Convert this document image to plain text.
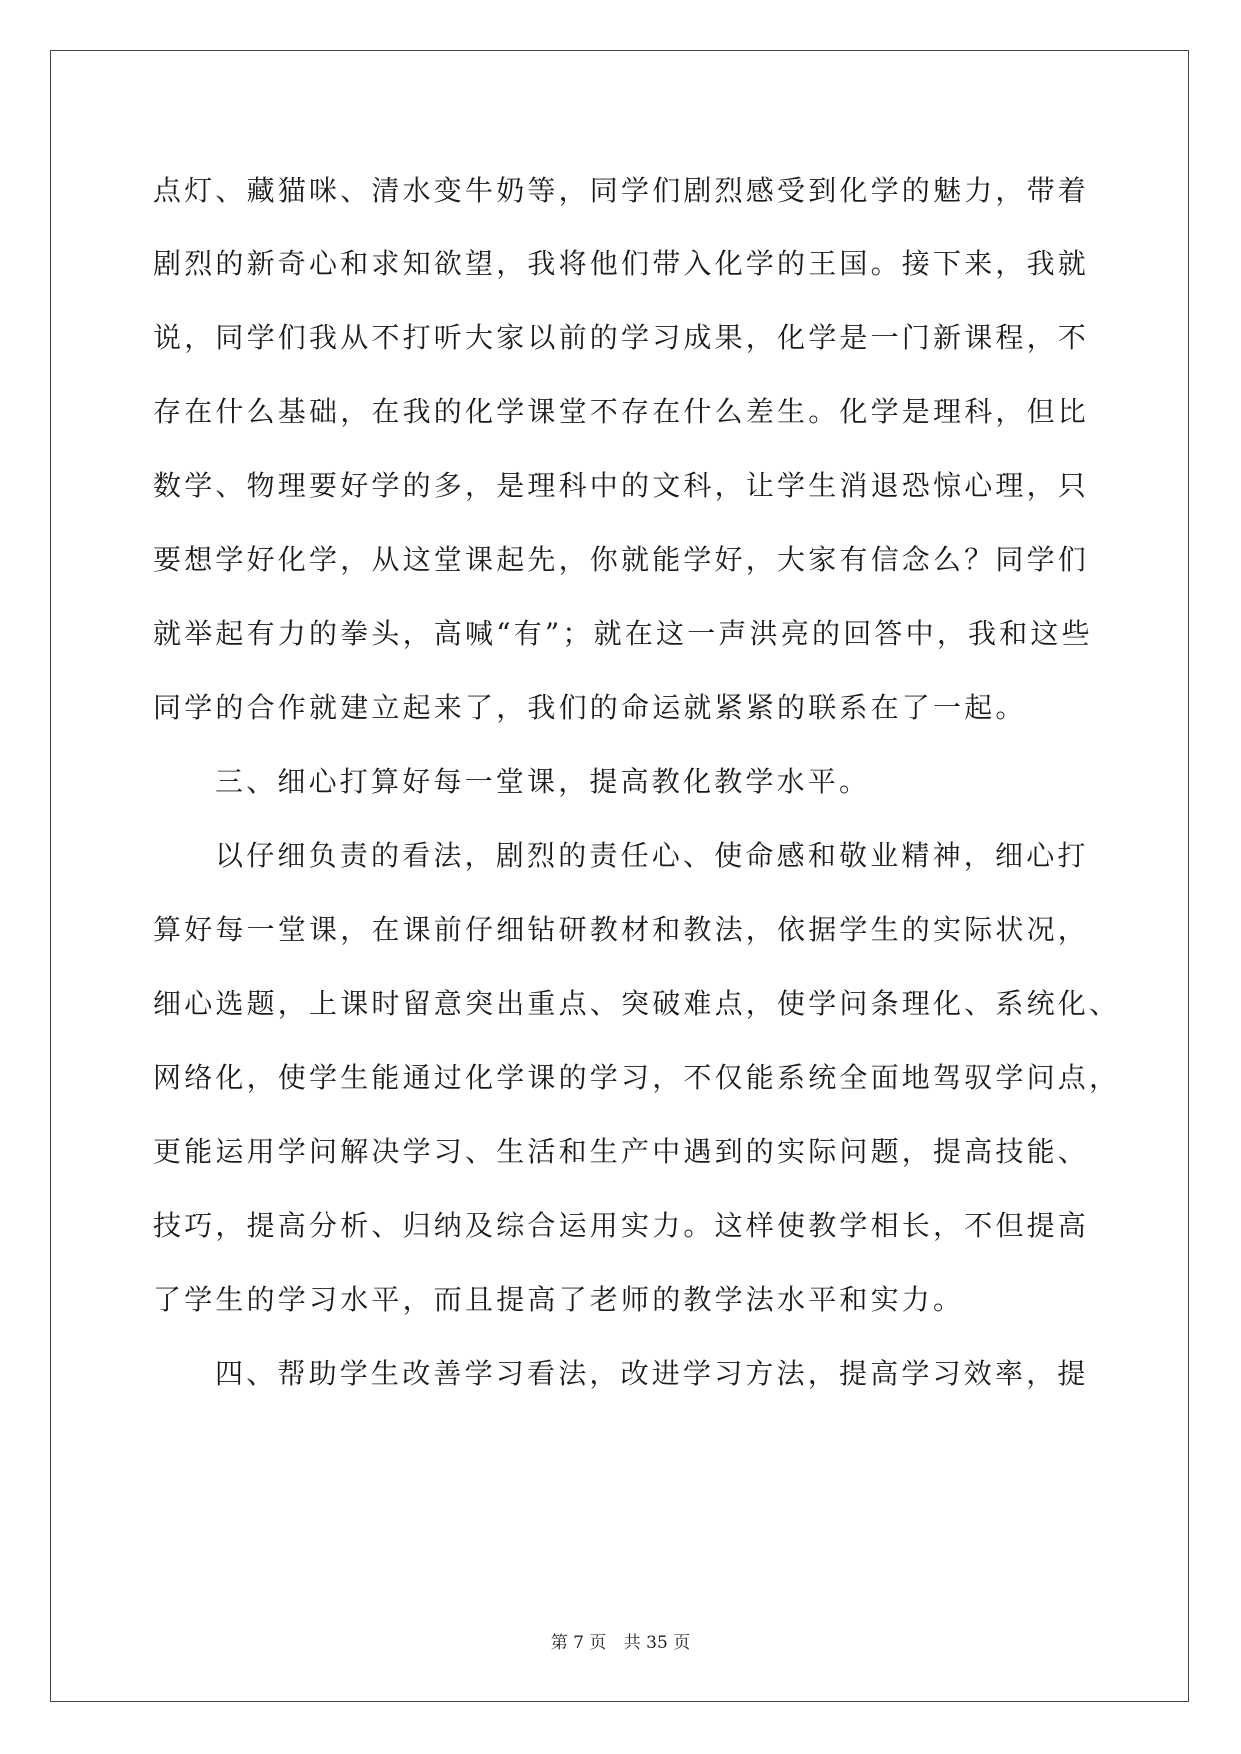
点灯、藏猫咪、清水变牛奶等，同学们剧烈感受到化学的魅力，带着
剧烈的新奇心和求知欲望，我将他们带入化学的王国。接下来，我就
说，同学们我从不打听大家以前的学习成果，化学是一门新课程，不
存在什么基础，在我的化学课堂不存在什么差生。化学是理科，但比
数学、物理要好学的多，是理科中的文科，让学生消退恐惊心理，只
要想学好化学，从这堂课起先，你就能学好，大家有信念么？同学们
就举起有力的拳头，高喊“有”；就在这一声洪亮的回答中，我和这些
同学的合作就建立起来了，我们的命运就紧紧的联系在了一起。
三、细心打算好每一堂课，提高教化教学水平。
以仔细负责的看法，剧烈的责任心、使命感和敬业精神，细心打
算好每一堂课，在课前仔细钻研教材和教法，依据学生的实际状况，
细心选题，上课时留意突出重点、突破难点，使学问条理化、系统化、
网络化，使学生能通过化学课的学习，不仅能系统全面地驾驭学问点，
更能运用学问解决学习、生活和生产中遇到的实际问题，提高技能、
技巧，提高分析、归纳及综合运用实力。这样使教学相长，不但提高
了学生的学习水平，而且提高了老师的教学法水平和实力。
四、帮助学生改善学习看法，改进学习方法，提高学习效率，提
第 7 页 共 35 页
